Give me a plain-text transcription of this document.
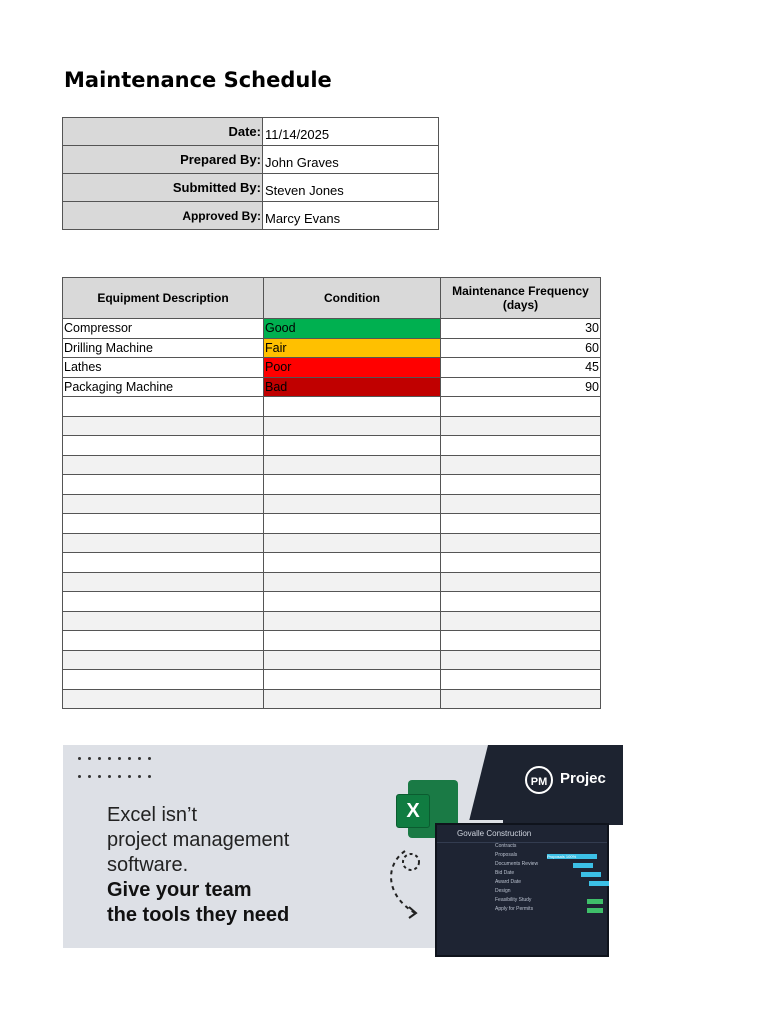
Maintenance Schedule
Date:	11/14/2025
Prepared By:	John Graves
Submitted By:	Steven Jones
Approved By:	Marcy Evans
Equipment Description	Condition	Maintenance Frequency (days)
Compressor	Good	30
Drilling Machine	Fair	60
Lathes	Poor	45
Packaging Machine	Bad	90

Excel isn’t
project management
software.
Give your team
the tools they need
PM Projec
X
Govalle Construction
Contracts
Proposals	Proposals 100%
Documents Review
Bid Date
Award Date
Design
Feasibility Study
Apply for Permits
